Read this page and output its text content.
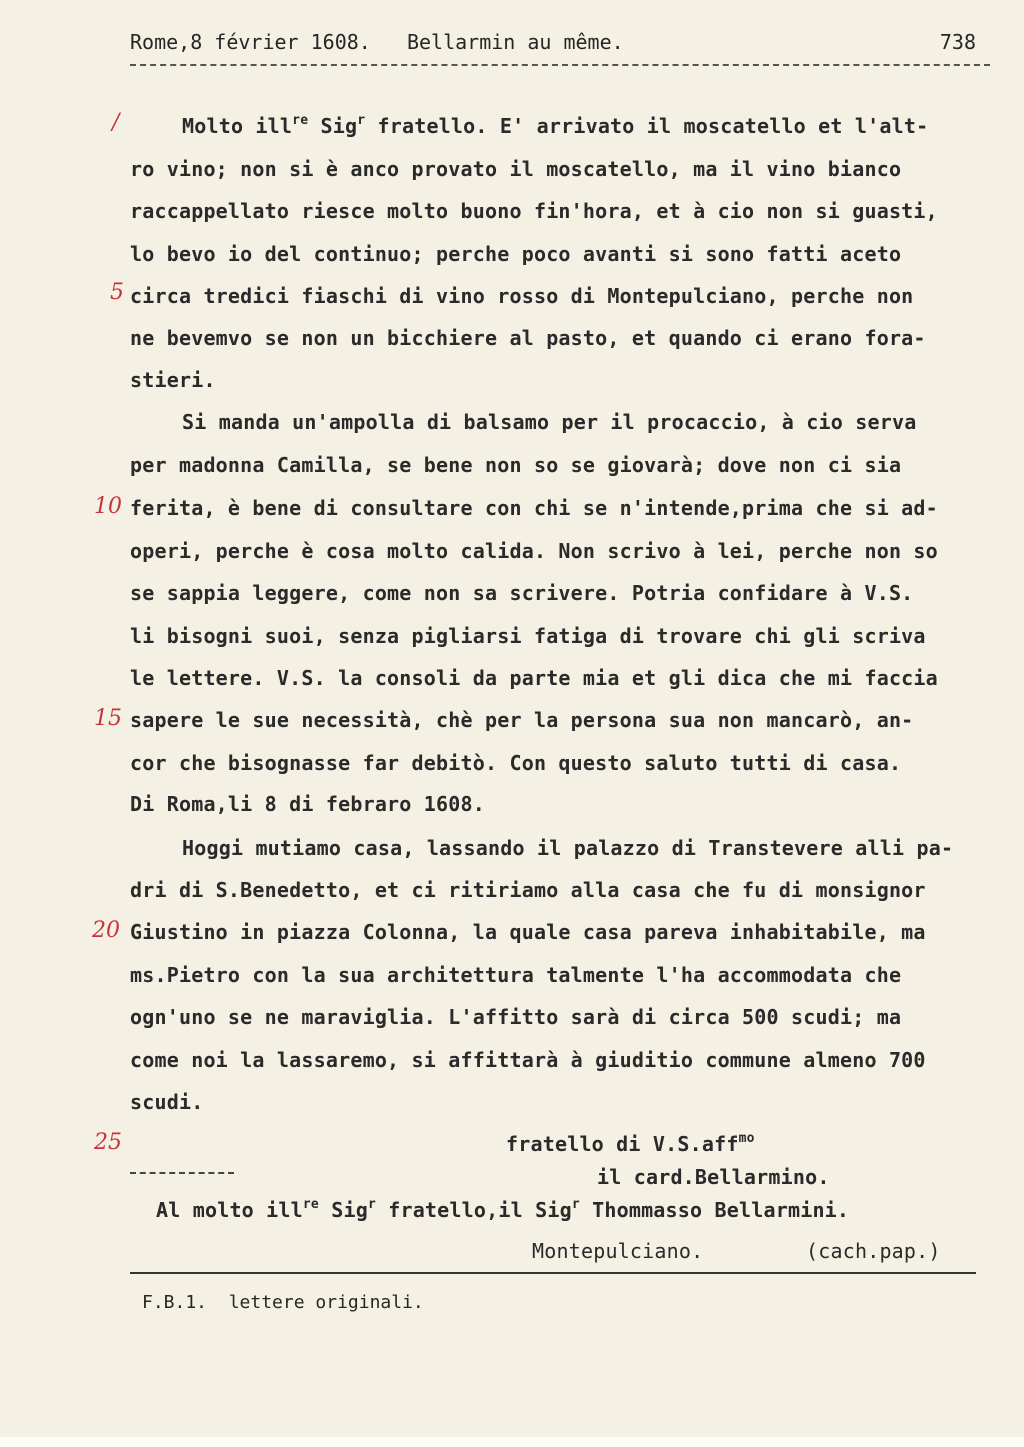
Rome,8 février 1608.   Bellarmin au même.	738
/
5
10
15
20
25
Molto ill$^{re}$ Sig$^r$ fratello. E' arrivato il moscatello et l'alt-
ro vino; non si è anco provato il moscatello, ma il vino bianco
raccappellato riesce molto buono fin'hora, et à cio non si guasti,
lo bevo io del continuo; perche poco avanti si sono fatti aceto
circa tredici fiaschi di vino rosso di Montepulciano, perche non
ne bevemvo se non un bicchiere al pasto, et quando ci erano fora-
stieri.
Si manda un'ampolla di balsamo per il procaccio, à cio serva
per madonna Camilla, se bene non so se giovarà; dove non ci sia
ferita, è bene di consultare con chi se n'intende,prima che si ad-
operi, perche è cosa molto calida. Non scrivo à lei, perche non so
se sappia leggere, come non sa scrivere. Potria confidare à V.S.
li bisogni suoi, senza pigliarsi fatiga di trovare chi gli scriva
le lettere. V.S. la consoli da parte mia et gli dica che mi faccia
sapere le sue necessità, chè per la persona sua non mancarò, an-
cor che bisognasse far debitò. Con questo saluto tutti di casa.
Di Roma,li 8 di febraro 1608.
Hoggi mutiamo casa, lassando il palazzo di Transtevere alli pa-
dri di S.Benedetto, et ci ritiriamo alla casa che fu di monsignor
Giustino in piazza Colonna, la quale casa pareva inhabitabile, ma
ms.Pietro con la sua architettura talmente l'ha accommodata che
ogn'uno se ne maraviglia. L'affitto sarà di circa 500 scudi; ma
come noi la lassaremo, si affittarà à giuditio commune almeno 700
scudi.
fratello di V.S.aff$^{mo}$
il card.Bellarmino.
Al molto ill$^{re}$ Sig$^r$ fratello,il Sig$^r$ Thommasso Bellarmini.
Montepulciano.	(cach.pap.)
F.B.1.  lettere originali.
